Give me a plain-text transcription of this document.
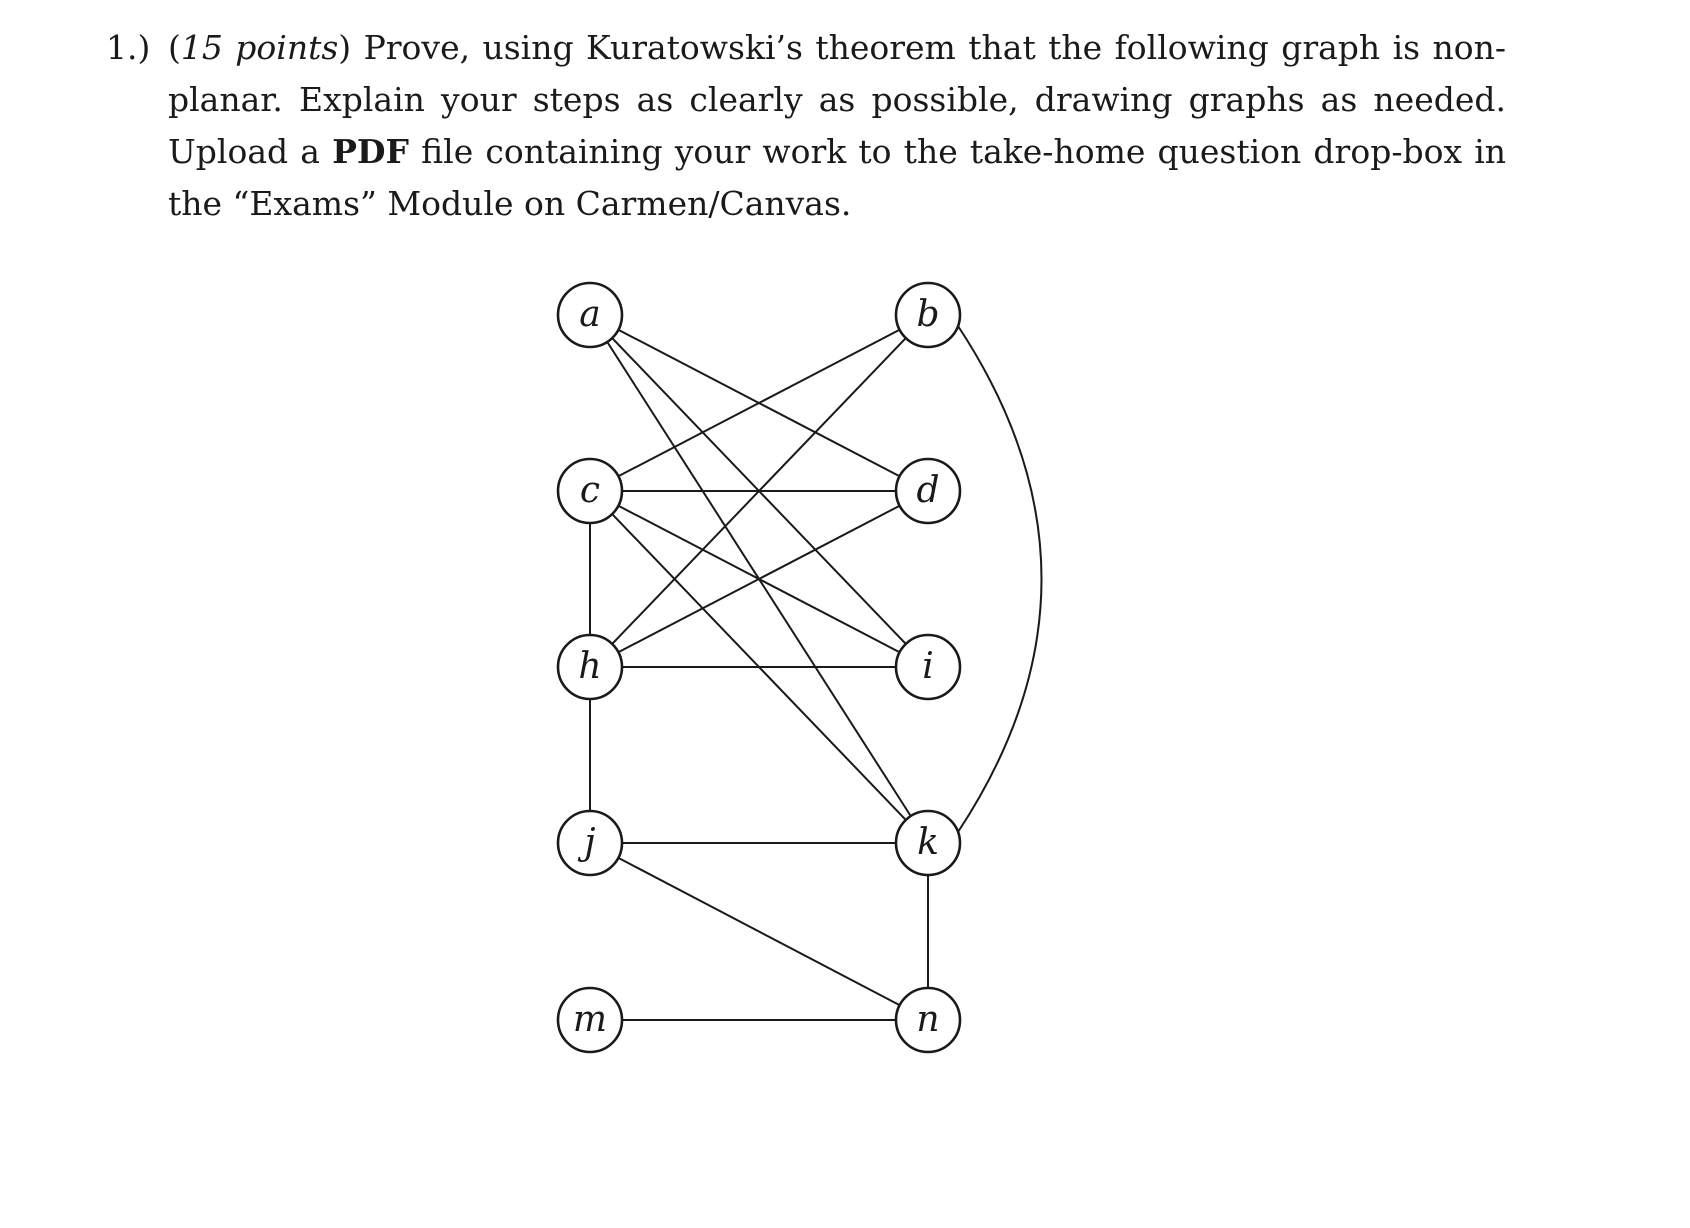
1.) (15 points) Prove, using Kuratowski’s theorem that the following graph is non-planar. Explain your steps as clearly as possible, drawing graphs as needed. Upload a PDF file containing your work to the take-home question drop-box in the “Exams” Module on Carmen/Canvas.
a	b
c	d
h	i
j	k
m	n
